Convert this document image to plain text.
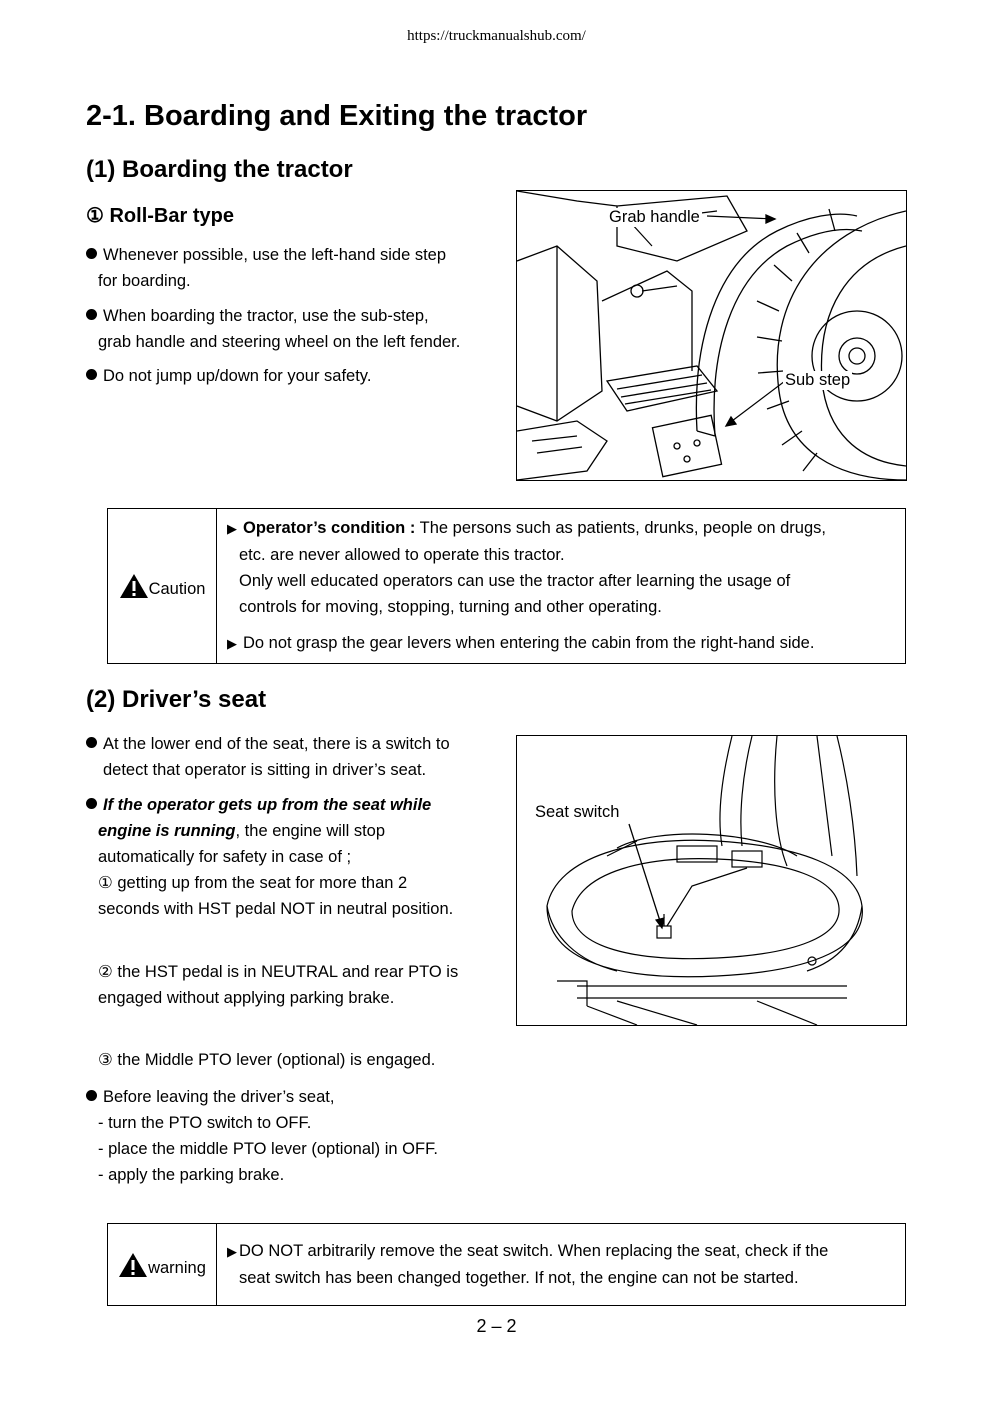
https://truckmanualshub.com/
2-1. Boarding and Exiting the tractor
(1) Boarding the tractor
① Roll-Bar type
Whenever possible, use the left-hand side step
for boarding.
When boarding the tractor, use the sub-step,
grab handle and steering wheel on the left fender.
Do not jump up/down for your safety.
Grab handle
Sub step
Caution	
▶ Operator’s condition : The persons such as patients, drunks, people on drugs,
etc. are never allowed to operate this tractor.
Only well educated operators can use the tractor after learning the usage of
controls for moving, stopping, turning and other operating.
▶ Do not grasp the gear levers when entering the cabin from the right-hand side.
(2) Driver’s seat
At the lower end of the seat, there is a switch to
detect that operator is sitting in driver’s seat.
If the operator gets up from the seat while
engine is running, the engine will stop
automatically for safety in case of ;
① getting up from the seat for more than 2
seconds with HST pedal NOT in neutral position.
② the HST pedal is in NEUTRAL and rear PTO is
engaged without applying parking brake.
③ the Middle PTO lever (optional) is engaged.
Before leaving the driver’s seat,
- turn the PTO switch to OFF.
- place the middle PTO lever (optional) in OFF.
- apply the parking brake.
Seat switch
warning	
▶ DO NOT arbitrarily remove the seat switch. When replacing the seat, check if the
seat switch has been changed together. If not, the engine can not be started.
2 – 2
